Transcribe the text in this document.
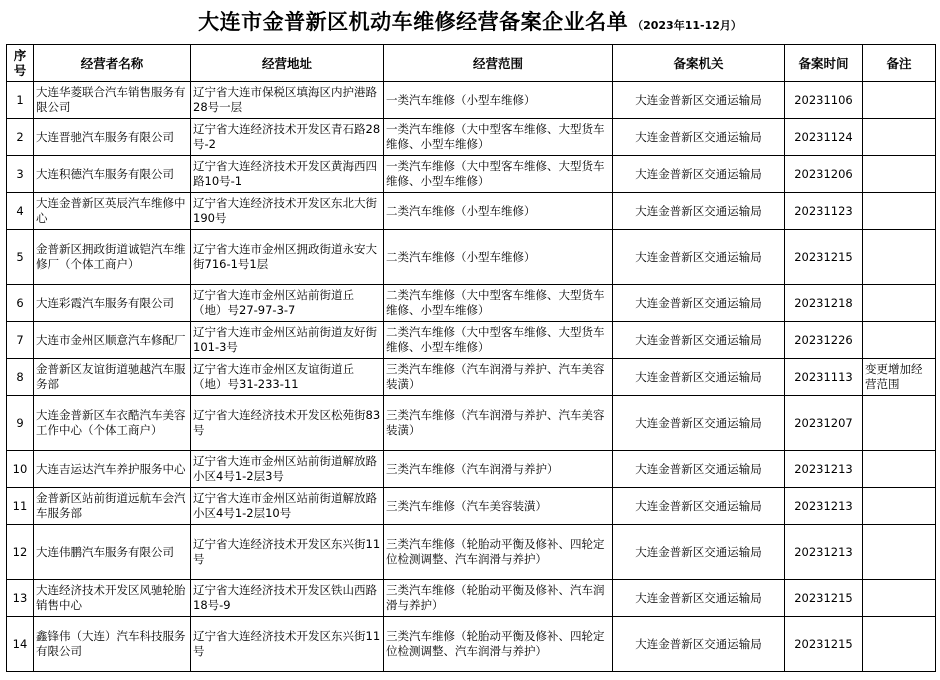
大连市金普新区机动车维修经营备案企业名单 （2023年11-12月）
序号	经营者名称	经营地址	经营范围	备案机关	备案时间	备注
1	大连华菱联合汽车销售服务有限公司	辽宁省大连市保税区填海区内护港路28号一层	一类汽车维修（小型车维修）	大连金普新区交通运输局	20231106	
2	大连晋驰汽车服务有限公司	辽宁省大连经济技术开发区青石路28号-2	一类汽车维修（大中型客车维修、大型货车维修、小型车维修）	大连金普新区交通运输局	20231124	
3	大连积德汽车服务有限公司	辽宁省大连经济技术开发区黄海西四路10号-1	一类汽车维修（大中型客车维修、大型货车维修、小型车维修）	大连金普新区交通运输局	20231206	
4	大连金普新区英辰汽车维修中心	辽宁省大连经济技术开发区东北大街190号	二类汽车维修（小型车维修）	大连金普新区交通运输局	20231123	
5	金普新区拥政街道诚铠汽车维修厂（个体工商户）	辽宁省大连市金州区拥政街道永安大街716-1号1层	二类汽车维修（小型车维修）	大连金普新区交通运输局	20231215	
6	大连彩霞汽车服务有限公司	辽宁省大连市金州区站前街道丘（地）号27-97-3-7	二类汽车维修（大中型客车维修、大型货车维修、小型车维修）	大连金普新区交通运输局	20231218	
7	大连市金州区顺意汽车修配厂	辽宁省大连市金州区站前街道友好街101-3号	二类汽车维修（大中型客车维修、大型货车维修、小型车维修）	大连金普新区交通运输局	20231226	
8	金普新区友谊街道驰越汽车服务部	辽宁省大连市金州区友谊街道丘（地）号31-233-11	三类汽车维修（汽车润滑与养护、汽车美容装潢）	大连金普新区交通运输局	20231113	变更增加经营范围
9	大连金普新区车衣酷汽车美容工作中心（个体工商户）	辽宁省大连经济技术开发区松苑街83号	三类汽车维修（汽车润滑与养护、汽车美容装潢）	大连金普新区交通运输局	20231207	
10	大连吉运达汽车养护服务中心	辽宁省大连市金州区站前街道解放路小区4号1-2层3号	三类汽车维修（汽车润滑与养护）	大连金普新区交通运输局	20231213	
11	金普新区站前街道远航车会汽车服务部	辽宁省大连市金州区站前街道解放路小区4号1-2层10号	三类汽车维修（汽车美容装潢）	大连金普新区交通运输局	20231213	
12	大连伟鹏汽车服务有限公司	辽宁省大连经济技术开发区东兴街11号	三类汽车维修（轮胎动平衡及修补、四轮定位检测调整、汽车润滑与养护）	大连金普新区交通运输局	20231213	
13	大连经济技术开发区风驰轮胎销售中心	辽宁省大连经济技术开发区铁山西路18号-9	三类汽车维修（轮胎动平衡及修补、汽车润滑与养护）	大连金普新区交通运输局	20231215	
14	鑫锋伟（大连）汽车科技服务有限公司	辽宁省大连经济技术开发区东兴街11号	三类汽车维修（轮胎动平衡及修补、四轮定位检测调整、汽车润滑与养护）	大连金普新区交通运输局	20231215	
